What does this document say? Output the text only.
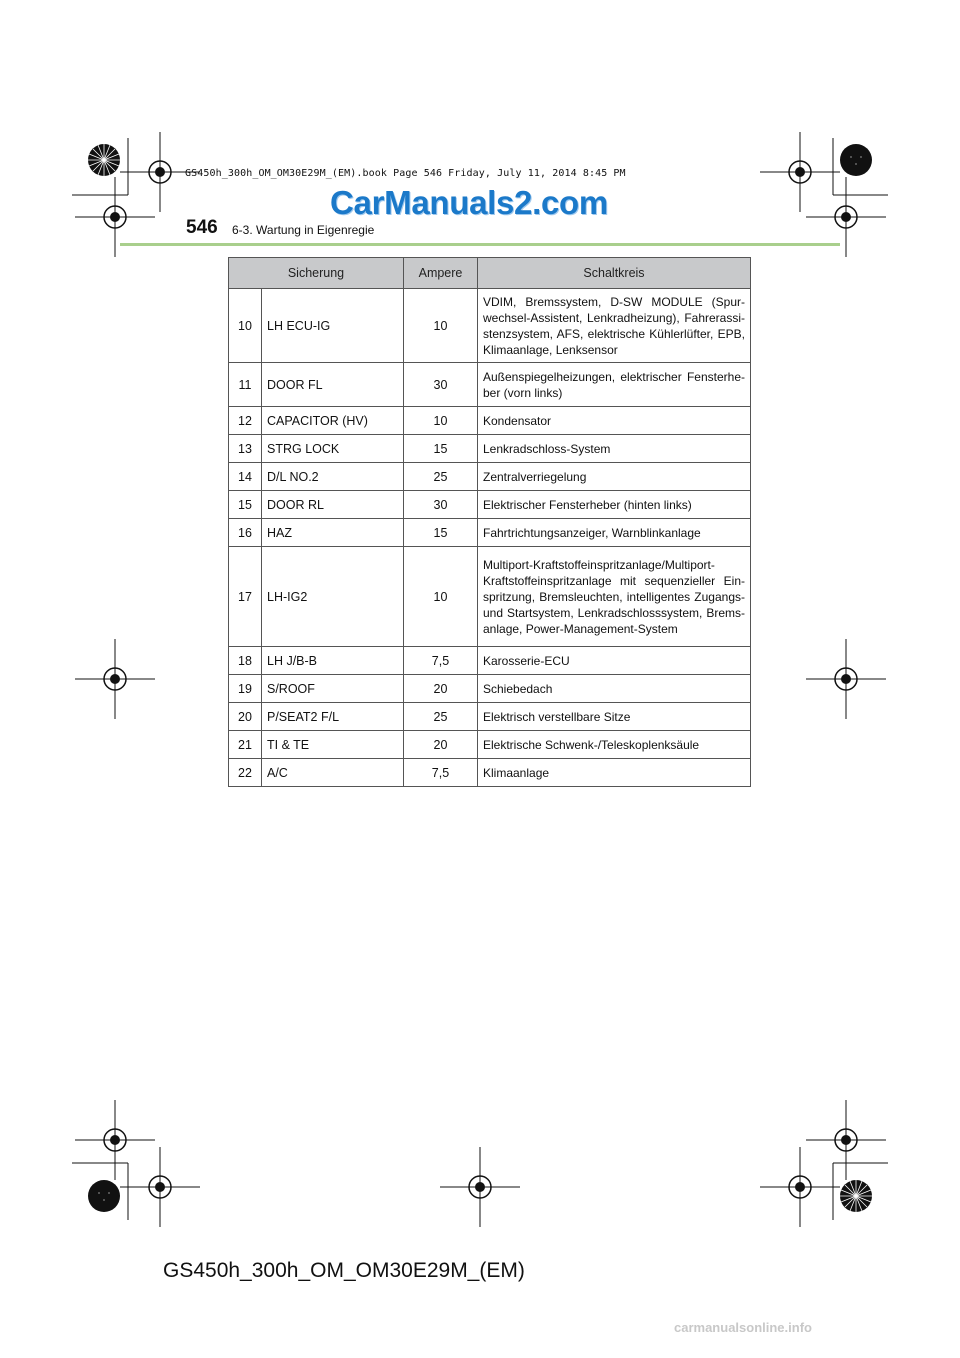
GS450h_300h_OM_OM30E29M_(EM).book Page 546 Friday, July 11, 2014 8:45 PM
CarManuals2.com
546 6-3. Wartung in Eigenregie
Sicherung		Ampere	Schaltkreis
10	LH ECU-IG	10	VDIM, Bremssystem, D-SW MODULE (Spur-wechsel-Assistent, Lenkradheizung), Fahrerassi-stenzsystem, AFS, elektrische Kühlerlüfter, EPB, Klimaanlage, Lenksensor
11	DOOR FL	30	Außenspiegelheizungen, elektrischer Fensterhe-ber (vorn links)
12	CAPACITOR (HV)	10	Kondensator
13	STRG LOCK	15	Lenkradschloss-System
14	D/L NO.2	25	Zentralverriegelung
15	DOOR RL	30	Elektrischer Fensterheber (hinten links)
16	HAZ	15	Fahrtrichtungsanzeiger, Warnblinkanlage
17	LH-IG2	10	Multiport-Kraftstoffeinspritzanlage/Multiport-Kraftstoffeinspritzanlage mit sequenzieller Ein-spritzung, Bremsleuchten, intelligentes Zugangs- und Startsystem, Lenkradschlosssystem, Brems-anlage, Power-Management-System
18	LH J/B-B	7,5	Karosserie-ECU
19	S/ROOF	20	Schiebedach
20	P/SEAT2 F/L	25	Elektrisch verstellbare Sitze
21	TI & TE	20	Elektrische Schwenk-/Teleskoplenksäule
22	A/C	7,5	Klimaanlage
GS450h_300h_OM_OM30E29M_(EM)
carmanualsonline.info
